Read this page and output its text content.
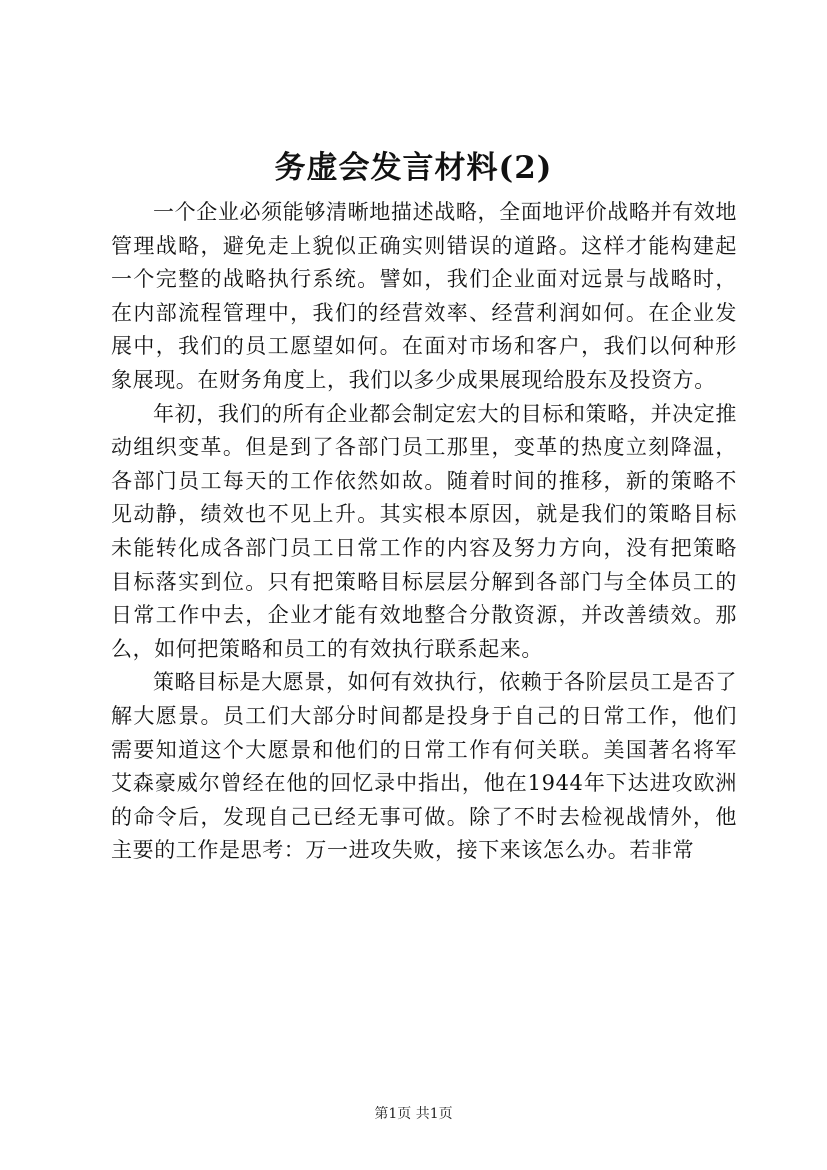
务虚会发言材料(2)

一个企业必须能够清晰地描述战略，全面地评价战略并有效地管理战略，避免走上貌似正确实则错误的道路。这样才能构建起一个完整的战略执行系统。譬如，我们企业面对远景与战略时，在内部流程管理中，我们的经营效率、经营利润如何。在企业发展中，我们的员工愿望如何。在面对市场和客户，我们以何种形象展现。在财务角度上，我们以多少成果展现给股东及投资方。

年初，我们的所有企业都会制定宏大的目标和策略，并决定推动组织变革。但是到了各部门员工那里，变革的热度立刻降温，各部门员工每天的工作依然如故。随着时间的推移，新的策略不见动静，绩效也不见上升。其实根本原因，就是我们的策略目标未能转化成各部门员工日常工作的内容及努力方向，没有把策略目标落实到位。只有把策略目标层层分解到各部门与全体员工的日常工作中去，企业才能有效地整合分散资源，并改善绩效。那么，如何把策略和员工的有效执行联系起来。

策略目标是大愿景，如何有效执行，依赖于各阶层员工是否了解大愿景。员工们大部分时间都是投身于自己的日常工作，他们需要知道这个大愿景和他们的日常工作有何关联。美国著名将军艾森豪威尔曾经在他的回忆录中指出，他在1944年下达进攻欧洲的命令后，发现自己已经无事可做。除了不时去检视战情外，他主要的工作是思考：万一进攻失败，接下来该怎么办。若非常

第1页 共1页
